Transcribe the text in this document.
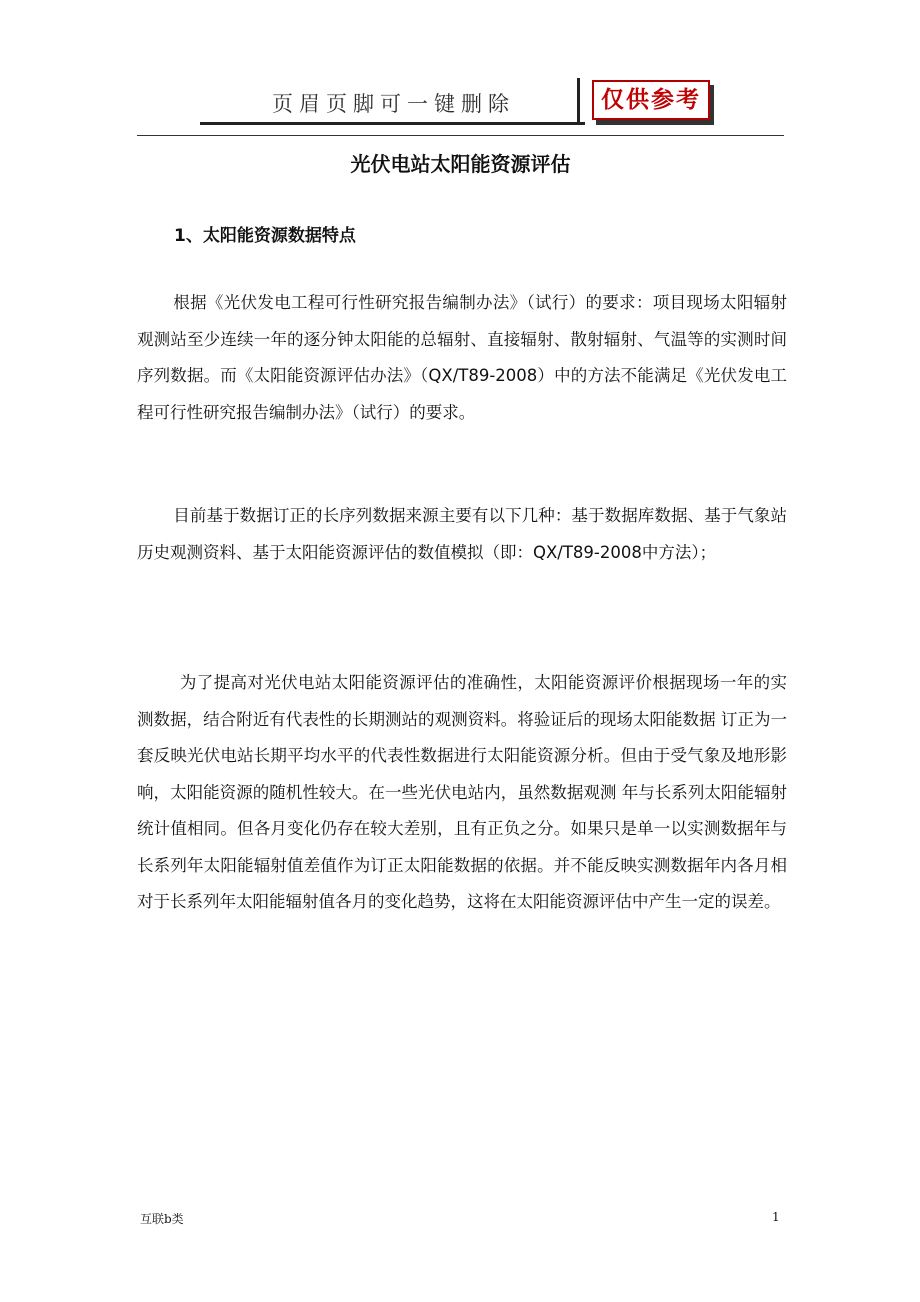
页眉页脚可一键删除	仅供参考
光伏电站太阳能资源评估
1、太阳能资源数据特点

根据《光伏发电工程可行性研究报告编制办法》（试行）的要求：项目现场太阳辐射观测站至少连续一年的逐分钟太阳能的总辐射、直接辐射、散射辐射、气温等的实测时间序列数据。而《太阳能资源评估办法》（QX/T89-2008）中的方法不能满足《光伏发电工程可行性研究报告编制办法》（试行）的要求。

目前基于数据订正的长序列数据来源主要有以下几种：基于数据库数据、基于气象站历史观测资料、基于太阳能资源评估的数值模拟（即：QX/T89-2008中方法）；

为了提高对光伏电站太阳能资源评估的准确性，太阳能资源评价根据现场一年的实测数据，结合附近有代表性的长期测站的观测资料。将验证后的现场太阳能数据 订正为一套反映光伏电站长期平均水平的代表性数据进行太阳能资源分析。但由于受气象及地形影响，太阳能资源的随机性较大。在一些光伏电站内，虽然数据观测 年与长系列太阳能辐射统计值相同。但各月变化仍存在较大差别，且有正负之分。如果只是单一以实测数据年与长系列年太阳能辐射值差值作为订正太阳能数据的依据。并不能反映实测数据年内各月相对于长系列年太阳能辐射值各月的变化趋势，这将在太阳能资源评估中产生一定的误差。

互联b类	1
